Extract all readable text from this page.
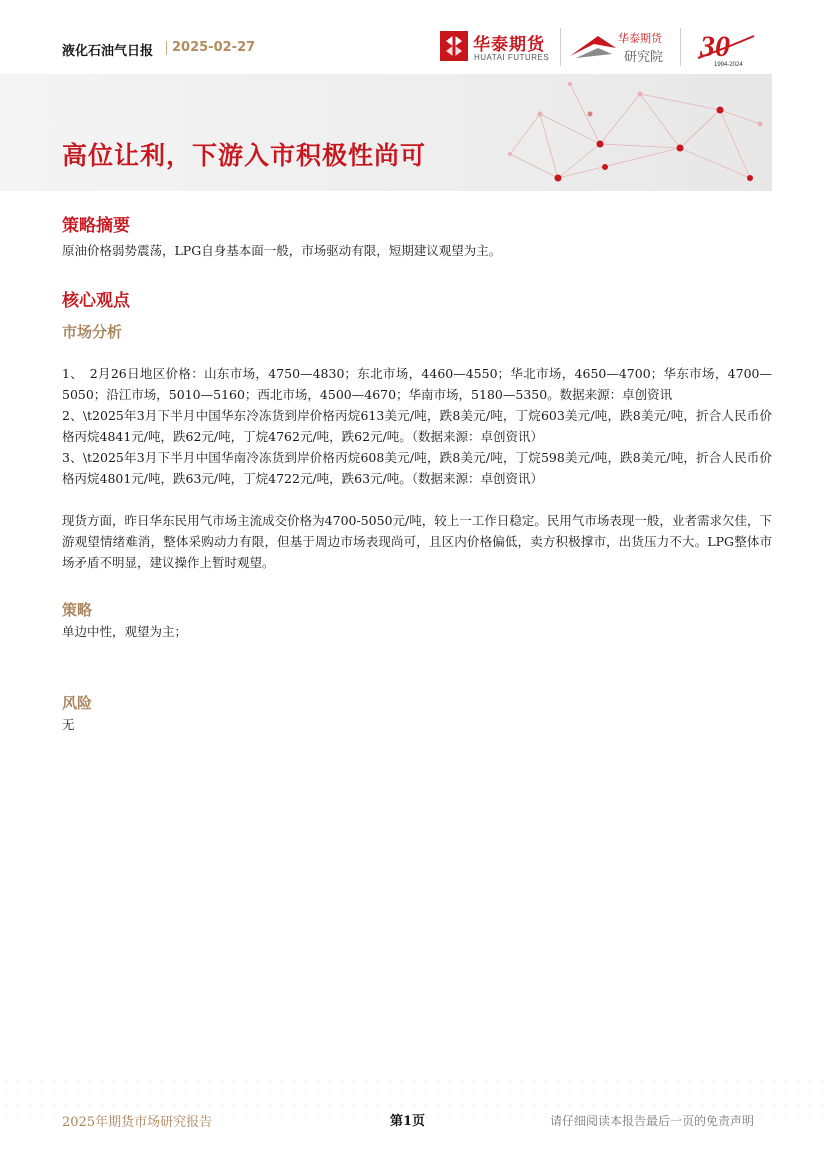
液化石油气日报 2025-02-27	华泰期货
HUATAI FUTURES
华泰期货
研究院 30
1994-2024
高位让利，下游入市积极性尚可
策略摘要
原油价格弱势震荡，LPG自身基本面一般，市场驱动有限，短期建议观望为主。
核心观点
市场分析
1、　2月26日地区价格：山东市场，4750—4830；东北市场，4460—4550；华北市场，4650—4700；华东市场，4700—5050；沿江市场，5010—5160；西北市场，4500—4670；华南市场，5180—5350。数据来源：卓创资讯
2、\t2025年3月下半月中国华东冷冻货到岸价格丙烷613美元/吨，跌8美元/吨，丁烷603美元/吨，跌8美元/吨，折合人民币价格丙烷4841元/吨，跌62元/吨，丁烷4762元/吨，跌62元/吨。（数据来源：卓创资讯）
3、\t2025年3月下半月中国华南冷冻货到岸价格丙烷608美元/吨，跌8美元/吨，丁烷598美元/吨，跌8美元/吨，折合人民币价格丙烷4801元/吨，跌63元/吨，丁烷4722元/吨，跌63元/吨。（数据来源：卓创资讯）
现货方面，昨日华东民用气市场主流成交价格为4700-5050元/吨，较上一工作日稳定。民用气市场表现一般，业者需求欠佳，下游观望情绪难消，整体采购动力有限，但基于周边市场表现尚可，且区内价格偏低，卖方积极撑市，出货压力不大。LPG整体市场矛盾不明显，建议操作上暂时观望。
策略
单边中性，观望为主；
风险
无
2025年期货市场研究报告	第1页	请仔细阅读本报告最后一页的免责声明
